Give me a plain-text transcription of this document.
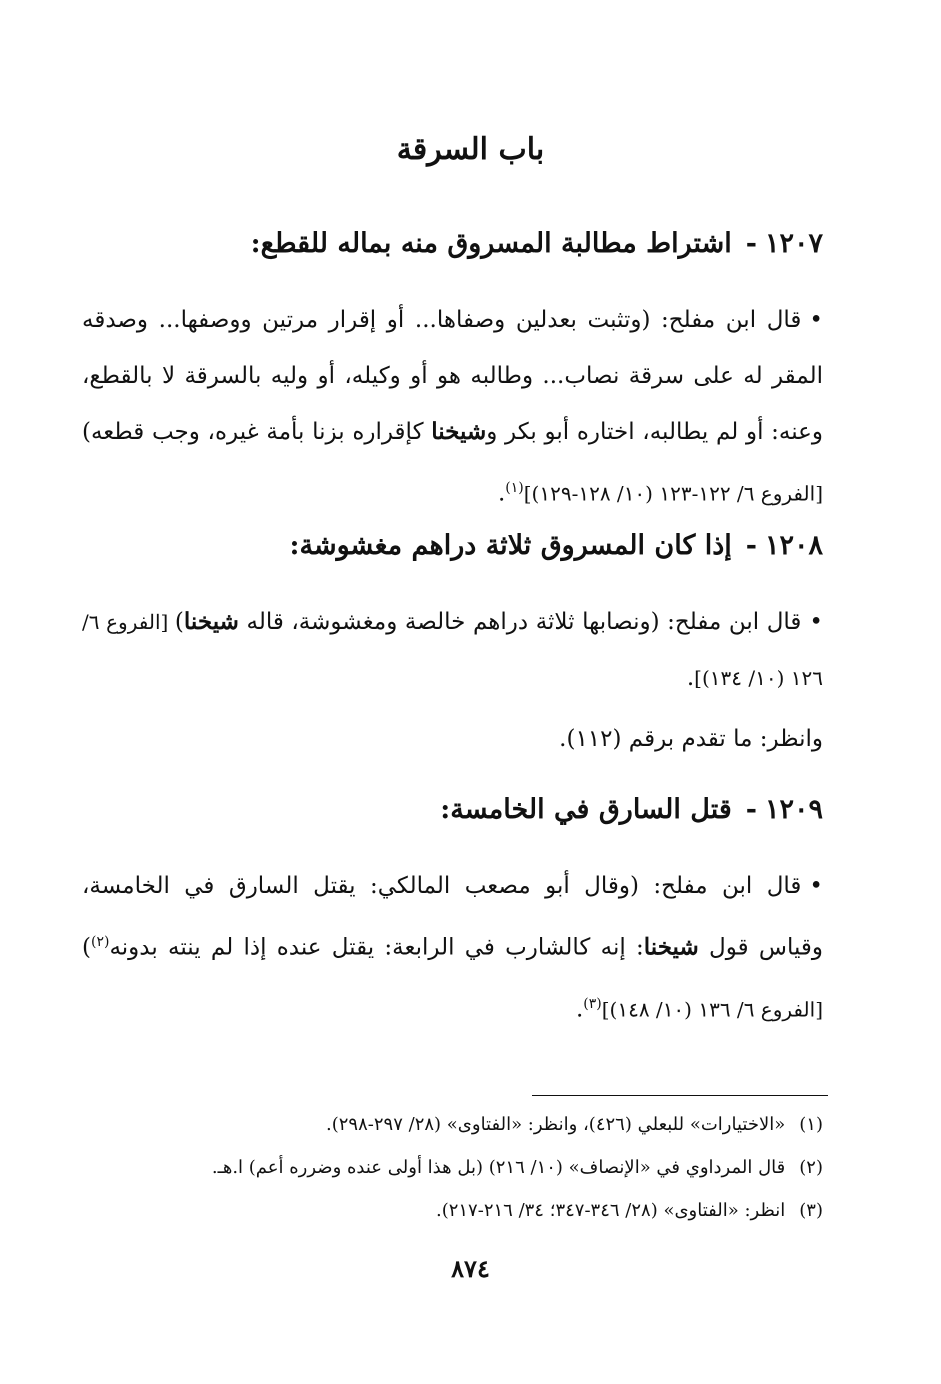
باب السرقة
١٢٠٧-اشتراط مطالبة المسروق منه بماله للقطع:

•قال ابن مفلح: (وتثبت بعدلين وصفاها... أو إقرار مرتين ووصفها... وصدقه المقر له على سرقة نصاب... وطالبه هو أو وكيله، أو وليه بالسرقة لا بالقطع، وعنه: أو لم يطالبه، اختاره أبو بكر وشيخنا كإقراره بزنا بأمة غيره، وجب قطعه) [الفروع ٦/ ١٢٢-١٢٣ (١٠/ ١٢٨-١٢٩)]$^{(١)}$.

١٢٠٨-إذا كان المسروق ثلاثة دراهم مغشوشة:

•قال ابن مفلح: (ونصابها ثلاثة دراهم خالصة ومغشوشة، قاله شيخنا) [الفروع ٦/ ١٢٦ (١٠/ ١٣٤)].

وانظر: ما تقدم برقم (١١٢).

١٢٠٩-قتل السارق في الخامسة:

•قال ابن مفلح: (وقال أبو مصعب المالكي: يقتل السارق في الخامسة، وقياس قول شيخنا: إنه كالشارب في الرابعة: يقتل عنده إذا لم ينته بدونه$^{(٢)}$) [الفروع ٦/ ١٣٦ (١٠/ ١٤٨)]$^{(٣)}$.

(١)«الاختيارات» للبعلي (٤٢٦)، وانظر: «الفتاوى» (٢٨/ ٢٩٧-٢٩٨).

(٢)قال المرداوي في «الإنصاف» (١٠/ ٢١٦) (بل هذا أولى عنده وضرره أعم) ا.هـ.

(٣)انظر: «الفتاوى» (٢٨/ ٣٤٦-٣٤٧؛ ٣٤/ ٢١٦-٢١٧).

٨٧٤
